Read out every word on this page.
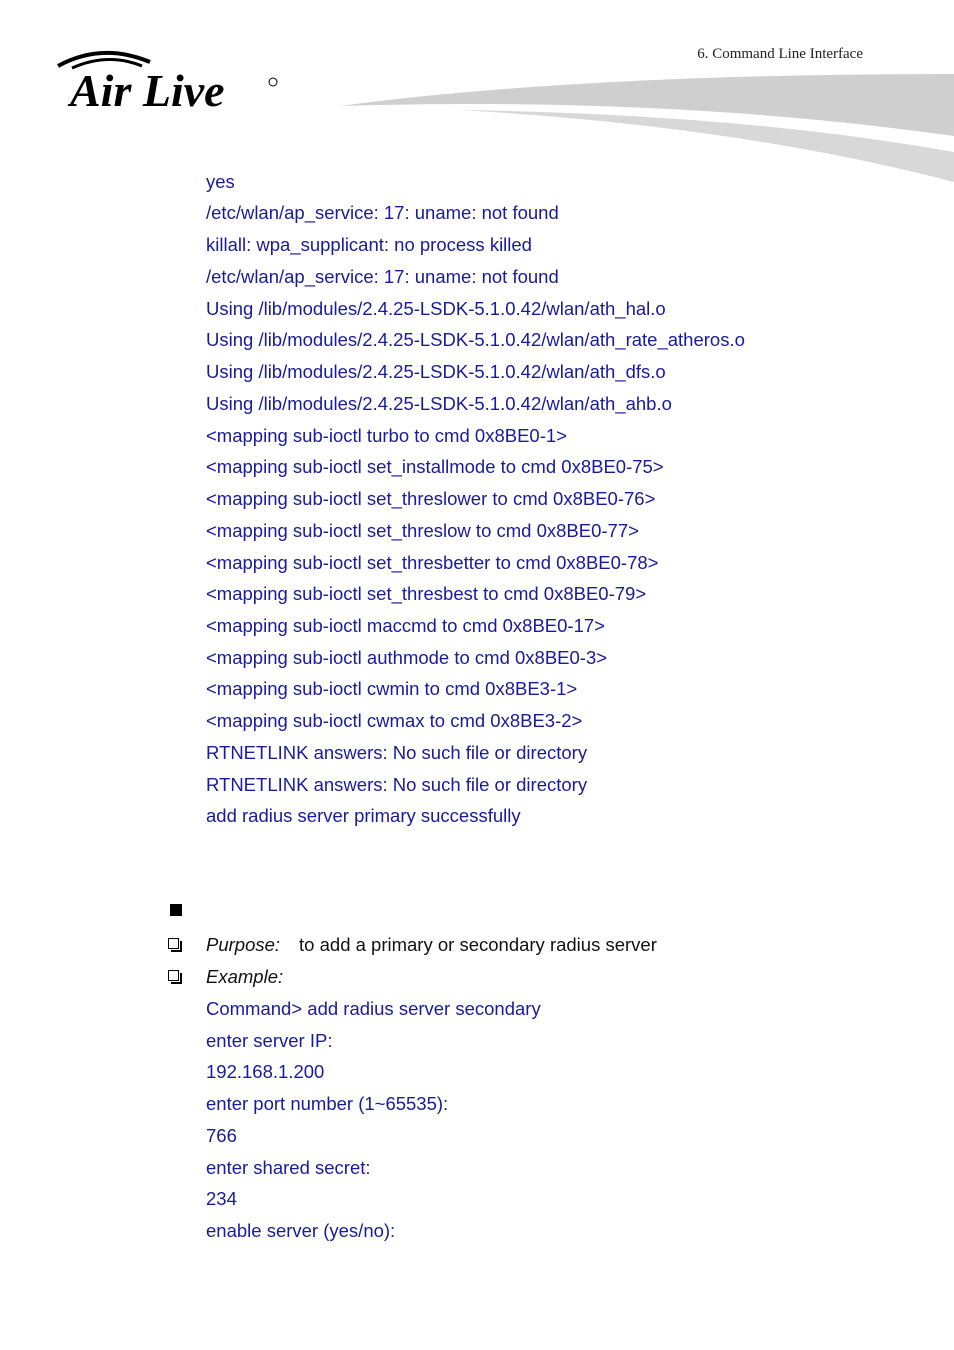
6. Command Line Interface
Air Live
yes
/etc/wlan/ap_service: 17: uname: not found
killall: wpa_supplicant: no process killed
/etc/wlan/ap_service: 17: uname: not found
Using /lib/modules/2.4.25-LSDK-5.1.0.42/wlan/ath_hal.o
Using /lib/modules/2.4.25-LSDK-5.1.0.42/wlan/ath_rate_atheros.o
Using /lib/modules/2.4.25-LSDK-5.1.0.42/wlan/ath_dfs.o
Using /lib/modules/2.4.25-LSDK-5.1.0.42/wlan/ath_ahb.o
<mapping sub-ioctl turbo to cmd 0x8BE0-1>
<mapping sub-ioctl set_installmode to cmd 0x8BE0-75>
<mapping sub-ioctl set_threslower to cmd 0x8BE0-76>
<mapping sub-ioctl set_threslow to cmd 0x8BE0-77>
<mapping sub-ioctl set_thresbetter to cmd 0x8BE0-78>
<mapping sub-ioctl set_thresbest to cmd 0x8BE0-79>
<mapping sub-ioctl maccmd to cmd 0x8BE0-17>
<mapping sub-ioctl authmode to cmd 0x8BE0-3>
<mapping sub-ioctl cwmin to cmd 0x8BE3-1>
<mapping sub-ioctl cwmax to cmd 0x8BE3-2>
RTNETLINK answers: No such file or directory
RTNETLINK answers: No such file or directory
add radius server primary successfully
Purpose: to add a primary or secondary radius server
Example:
Command> add radius server secondary
enter server IP:
192.168.1.200
enter port number (1~65535):
766
enter shared secret:
234
enable server (yes/no):
